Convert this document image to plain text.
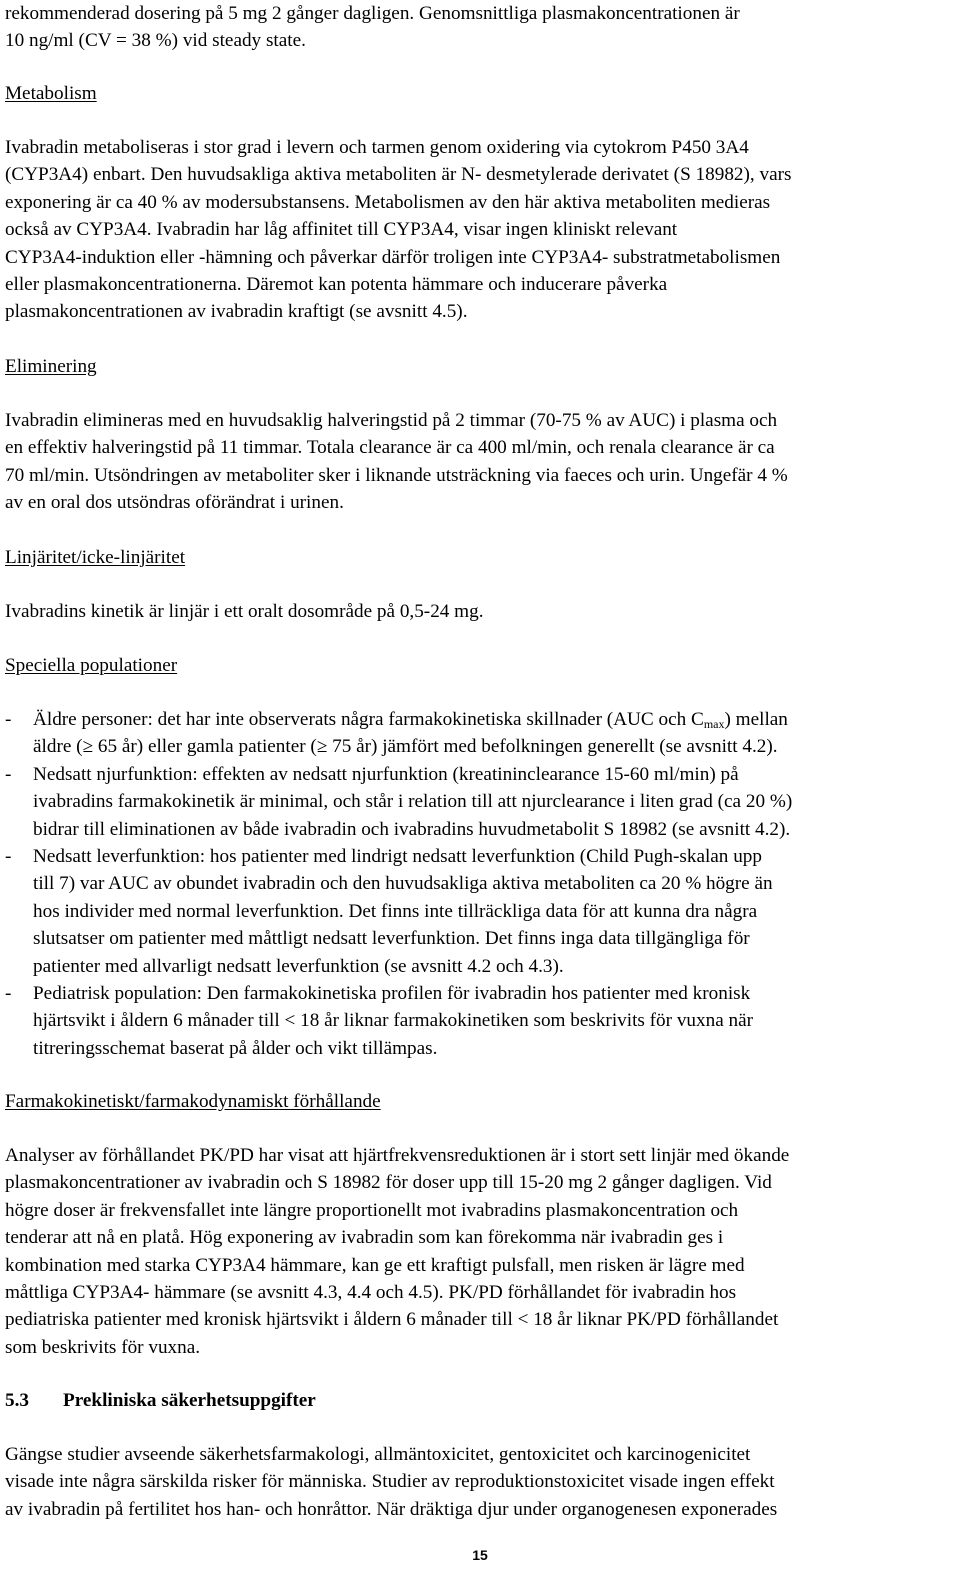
rekommenderad dosering på 5 mg 2 gånger dagligen. Genomsnittliga plasmakoncentrationen är
10 ng/ml (CV = 38 %) vid steady state.
Metabolism
Ivabradin metaboliseras i stor grad i levern och tarmen genom oxidering via cytokrom P450 3A4
(CYP3A4) enbart. Den huvudsakliga aktiva metaboliten är N- desmetylerade derivatet (S 18982), vars
exponering är ca 40 % av modersubstansens. Metabolismen av den här aktiva metaboliten medieras
också av CYP3A4. Ivabradin har låg affinitet till CYP3A4, visar ingen kliniskt relevant
CYP3A4-induktion eller -hämning och påverkar därför troligen inte CYP3A4- substratmetabolismen
eller plasmakoncentrationerna. Däremot kan potenta hämmare och inducerare påverka
plasmakoncentrationen av ivabradin kraftigt (se avsnitt 4.5).
Eliminering
Ivabradin elimineras med en huvudsaklig halveringstid på 2 timmar (70-75 % av AUC) i plasma och
en effektiv halveringstid på 11 timmar. Totala clearance är ca 400 ml/min, och renala clearance är ca
70 ml/min. Utsöndringen av metaboliter sker i liknande utsträckning via faeces och urin. Ungefär 4 %
av en oral dos utsöndras oförändrat i urinen.
Linjäritet/icke-linjäritet
Ivabradins kinetik är linjär i ett oralt dosområde på 0,5-24 mg.
Speciella populationer
- Äldre personer: det har inte observerats några farmakokinetiska skillnader (AUC och $C_{max}$) mellan
äldre (≥ 65 år) eller gamla patienter (≥ 75 år) jämfört med befolkningen generellt (se avsnitt 4.2).
- Nedsatt njurfunktion: effekten av nedsatt njurfunktion (kreatininclearance 15-60 ml/min) på
ivabradins farmakokinetik är minimal, och står i relation till att njurclearance i liten grad (ca 20 %)
bidrar till eliminationen av både ivabradin och ivabradins huvudmetabolit S 18982 (se avsnitt 4.2).
- Nedsatt leverfunktion: hos patienter med lindrigt nedsatt leverfunktion (Child Pugh-skalan upp
till 7) var AUC av obundet ivabradin och den huvudsakliga aktiva metaboliten ca 20 % högre än
hos individer med normal leverfunktion. Det finns inte tillräckliga data för att kunna dra några
slutsatser om patienter med måttligt nedsatt leverfunktion. Det finns inga data tillgängliga för
patienter med allvarligt nedsatt leverfunktion (se avsnitt 4.2 och 4.3).
- Pediatrisk population: Den farmakokinetiska profilen för ivabradin hos patienter med kronisk
hjärtsvikt i åldern 6 månader till < 18 år liknar farmakokinetiken som beskrivits för vuxna när
titreringsschemat baserat på ålder och vikt tillämpas.
Farmakokinetiskt/farmakodynamiskt förhållande
Analyser av förhållandet PK/PD har visat att hjärtfrekvensreduktionen är i stort sett linjär med ökande
plasmakoncentrationer av ivabradin och S 18982 för doser upp till 15-20 mg 2 gånger dagligen. Vid
högre doser är frekvensfallet inte längre proportionellt mot ivabradins plasmakoncentration och
tenderar att nå en platå. Hög exponering av ivabradin som kan förekomma när ivabradin ges i
kombination med starka CYP3A4 hämmare, kan ge ett kraftigt pulsfall, men risken är lägre med
måttliga CYP3A4- hämmare (se avsnitt 4.3, 4.4 och 4.5). PK/PD förhållandet för ivabradin hos
pediatriska patienter med kronisk hjärtsvikt i åldern 6 månader till < 18 år liknar PK/PD förhållandet
som beskrivits för vuxna.
5.3 Prekliniska säkerhetsuppgifter
Gängse studier avseende säkerhetsfarmakologi, allmäntoxicitet, gentoxicitet och karcinogenicitet
visade inte några särskilda risker för människa. Studier av reproduktionstoxicitet visade ingen effekt
av ivabradin på fertilitet hos han- och honråttor. När dräktiga djur under organogenesen exponerades
15
